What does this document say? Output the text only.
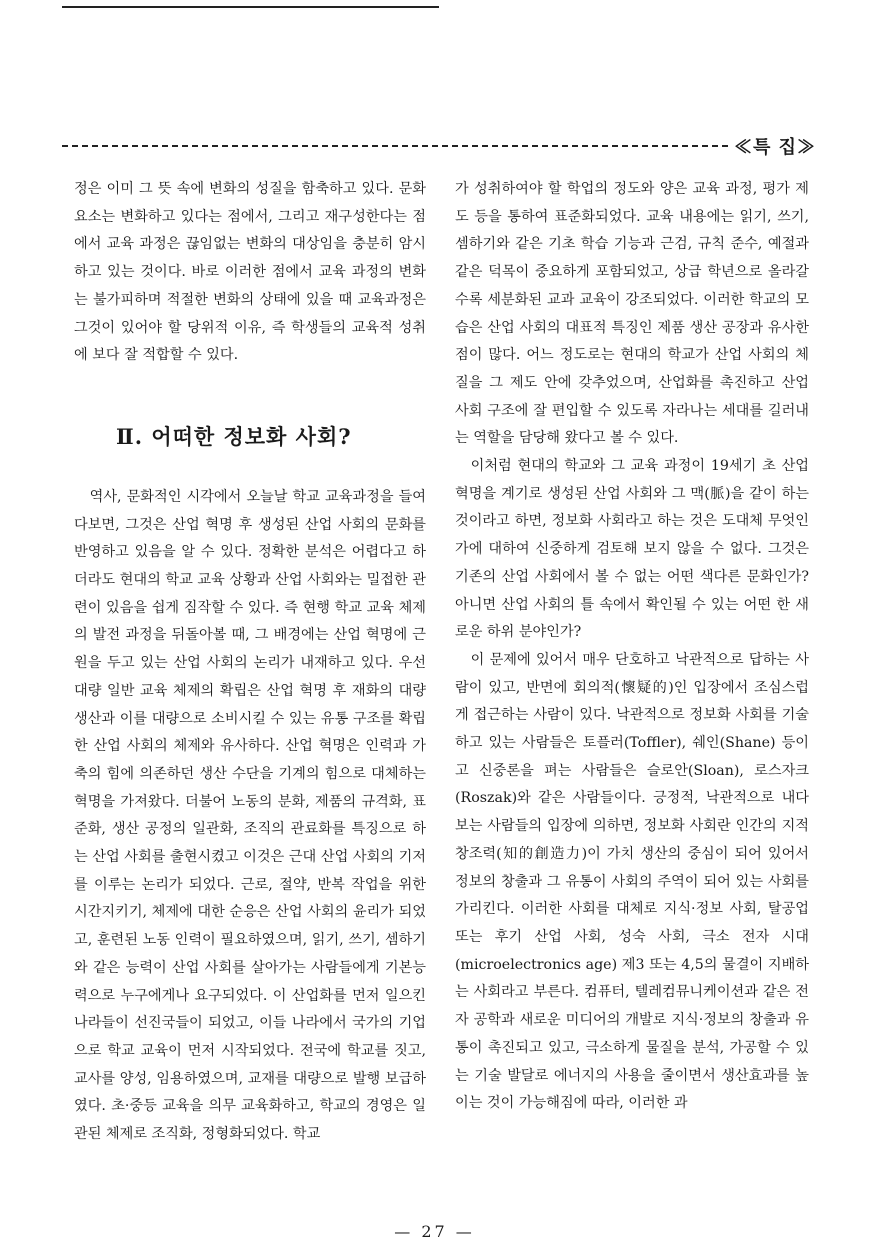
≪특 집≫

정은 이미 그 뜻 속에 변화의 성질을 함축하고 있다. 문화 요소는 변화하고 있다는 점에서, 그리고 재구성한다는 점에서 교육 과정은 끊임없는 변화의 대상임을 충분히 암시하고 있는 것이다. 바로 이러한 점에서 교육 과정의 변화는 불가피하며 적절한 변화의 상태에 있을 때 교육과정은 그것이 있어야 할 당위적 이유, 즉 학생들의 교육적 성취에 보다 잘 적합할 수 있다.

Ⅱ. 어떠한 정보화 사회?

역사, 문화적인 시각에서 오늘날 학교 교육과정을 들여다보면, 그것은 산업 혁명 후 생성된 산업 사회의 문화를 반영하고 있음을 알 수 있다. 정확한 분석은 어렵다고 하더라도 현대의 학교 교육 상황과 산업 사회와는 밀접한 관련이 있음을 쉽게 짐작할 수 있다. 즉 현행 학교 교육 체제의 발전 과정을 뒤돌아볼 때, 그 배경에는 산업 혁명에 근원을 두고 있는 산업 사회의 논리가 내재하고 있다. 우선 대량 일반 교육 체제의 확립은 산업 혁명 후 재화의 대량 생산과 이를 대량으로 소비시킬 수 있는 유통 구조를 확립한 산업 사회의 체제와 유사하다. 산업 혁명은 인력과 가축의 힘에 의존하던 생산 수단을 기계의 힘으로 대체하는 혁명을 가져왔다. 더불어 노동의 분화, 제품의 규격화, 표준화, 생산 공정의 일관화, 조직의 관료화를 특징으로 하는 산업 사회를 출현시켰고 이것은 근대 산업 사회의 기저를 이루는 논리가 되었다. 근로, 절약, 반복 작업을 위한 시간지키기, 체제에 대한 순응은 산업 사회의 윤리가 되었고, 훈련된 노동 인력이 필요하였으며, 읽기, 쓰기, 셈하기와 같은 능력이 산업 사회를 살아가는 사람들에게 기본능력으로 누구에게나 요구되었다. 이 산업화를 먼저 일으킨 나라들이 선진국들이 되었고, 이들 나라에서 국가의 기업으로 학교 교육이 먼저 시작되었다. 전국에 학교를 짓고, 교사를 양성, 임용하였으며, 교재를 대량으로 발행 보급하였다. 초·중등 교육을 의무 교육화하고, 학교의 경영은 일관된 체제로 조직화, 정형화되었다. 학교

가 성취하여야 할 학업의 정도와 양은 교육 과정, 평가 제도 등을 통하여 표준화되었다. 교육 내용에는 읽기, 쓰기, 셈하기와 같은 기초 학습 기능과 근검, 규칙 준수, 예절과 같은 덕목이 중요하게 포함되었고, 상급 학년으로 올라갈수록 세분화된 교과 교육이 강조되었다. 이러한 학교의 모습은 산업 사회의 대표적 특징인 제품 생산 공장과 유사한 점이 많다. 어느 정도로는 현대의 학교가 산업 사회의 체질을 그 제도 안에 갖추었으며, 산업화를 촉진하고 산업 사회 구조에 잘 편입할 수 있도록 자라나는 세대를 길러내는 역할을 담당해 왔다고 볼 수 있다.

이처럼 현대의 학교와 그 교육 과정이 19세기 초 산업 혁명을 계기로 생성된 산업 사회와 그 맥(脈)을 같이 하는 것이라고 하면, 정보화 사회라고 하는 것은 도대체 무엇인가에 대하여 신중하게 검토해 보지 않을 수 없다. 그것은 기존의 산업 사회에서 볼 수 없는 어떤 색다른 문화인가? 아니면 산업 사회의 틀 속에서 확인될 수 있는 어떤 한 새로운 하위 분야인가?

이 문제에 있어서 매우 단호하고 낙관적으로 답하는 사람이 있고, 반면에 회의적(懷疑的)인 입장에서 조심스럽게 접근하는 사람이 있다. 낙관적으로 정보화 사회를 기술하고 있는 사람들은 토플러(Toffler), 쉐인(Shane) 등이고 신중론을 펴는 사람들은 슬로안(Sloan), 로스자크(Roszak)와 같은 사람들이다. 긍정적, 낙관적으로 내다보는 사람들의 입장에 의하면, 정보화 사회란 인간의 지적 창조력(知的創造力)이 가치 생산의 중심이 되어 있어서 정보의 창출과 그 유통이 사회의 주역이 되어 있는 사회를 가리킨다. 이러한 사회를 대체로 지식·정보 사회, 탈공업 또는 후기 산업 사회, 성숙 사회, 극소 전자 시대(microelectronics age) 제3 또는 4,5의 물결이 지배하는 사회라고 부른다. 컴퓨터, 텔레컴뮤니케이션과 같은 전자 공학과 새로운 미디어의 개발로 지식·정보의 창출과 유통이 촉진되고 있고, 극소하게 물질을 분석, 가공할 수 있는 기술 발달로 에너지의 사용을 줄이면서 생산효과를 높이는 것이 가능해짐에 따라, 이러한 과

— 27 —
